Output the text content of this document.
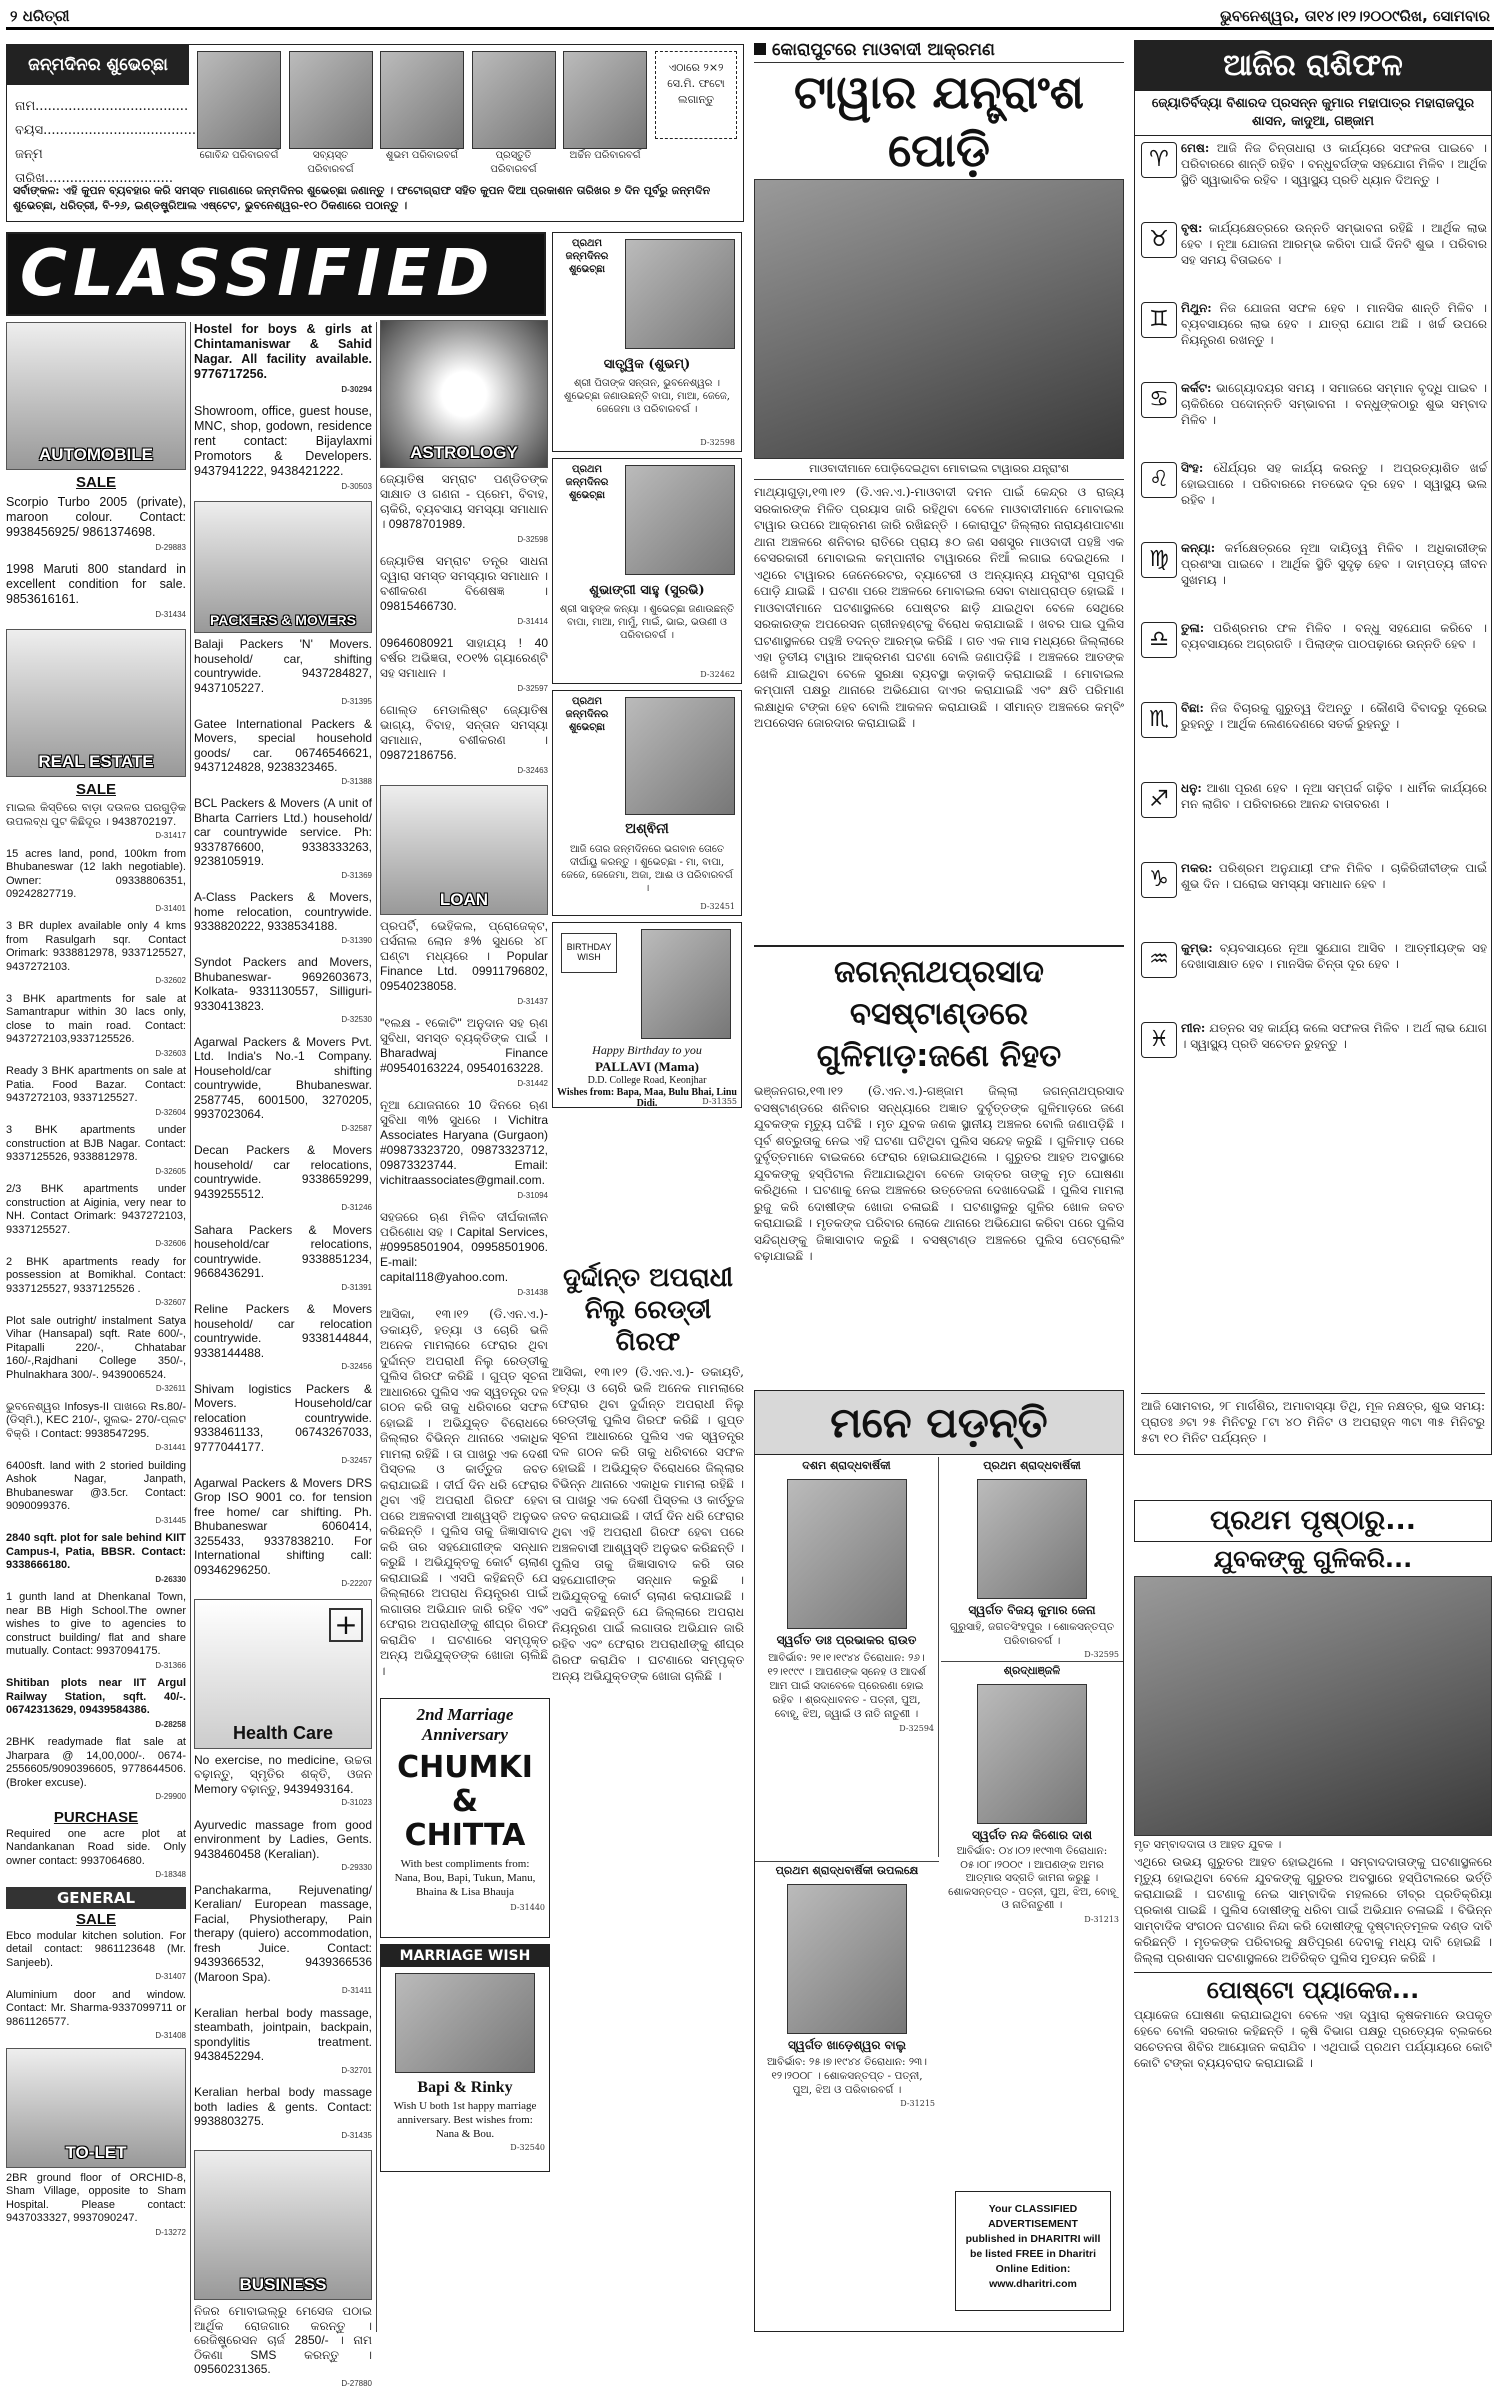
୨ ଧରିତ୍ରୀ	ଭୁବନେଶ୍ୱର, ତା୧୪।୧୨।୨୦୦୯ରିଖ, ସୋମବାର
ଜନ୍ମଦିନର ଶୁଭେଚ୍ଛା
ନାମ.....................................
ବୟସ.....................................
ଜନ୍ମ ତାରିଖ...............................
ଗୋବିନ୍ଦ ପରିବାରବର୍ଗ	ସବ୍ୟସ୍ତ ପରିବାରବର୍ଗ
ଶୁଭମ ପରିବାରବର୍ଗ	ପ୍ରସ୍ତୁତି ପରିବାରବର୍ଗ
ଅର୍ଚ୍ଚିନ ପରିବାରବର୍ଗ
ଏଠାରେ ୨×୨ ସେ.ମି. ଫଟୋ ଲଗାନ୍ତୁ
ସର୍ବାଙ୍କଳ: ଏହି କୁପନ ବ୍ୟବହାର କରି ସମସ୍ତ ମାଗଣାରେ ଜନ୍ମଦିନର ଶୁଭେଚ୍ଛା ଜଣାନ୍ତୁ । ଫଟୋଗ୍ରାଫ ସହିତ କୁପନ ଦିଆ ପ୍ରକାଶନ ତାରିଖର ୭ ଦିନ ପୂର୍ବରୁ ଜନ୍ମଦିନ ଶୁଭେଚ୍ଛା, ଧରିତ୍ରୀ, ବି-୨୬, ଇଣ୍ଡଷ୍ଟ୍ରିଆଲ ଏଷ୍ଟେଟ, ଭୁବନେଶ୍ୱର-୧୦ ଠିକଣାରେ ପଠାନ୍ତୁ ।
CLASSIFIED
AUTOMOBILE
SALE
Scorpio Turbo 2005 (private), maroon colour. Contact: 9938456925/ 9861374698.
D-29883
1998 Maruti 800 standard in excellent condition for sale. 9853616161.
D-31434
REAL ESTATE
SALE
ମାଇଲ କିସ୍ତିରେ ବାଡ଼ା ଦଉଳର ଘରଗୁଡ଼ିକ ଉପଲବ୍ଧ ପୁଟ କିଛିଦୂର । 9438702197.
D-31417
15 acres land, pond, 100km from Bhubaneswar (12 lakh negotiable). Owner: 09338806351, 09242827719.
D-31401
3 BR duplex available only 4 kms from Rasulgarh sqr. Contact Orimark: 9338812978, 9337125527, 9437272103.
D-32602
3 BHK apartments for sale at Samantrapur within 30 lacs only, close to main road. Contact: 9437272103,9337125526.
D-32603
Ready 3 BHK apartments on sale at Patia. Food Bazar. Contact: 9437272103, 9337125527.
D-32604
3 BHK apartments under construction at BJB Nagar. Contact: 9337125526, 9338812978.
D-32605
2/3 BHK apartments under construction at Aiginia, very near to NH. Contact Orimark: 9437272103, 9337125527.
D-32606
2 BHK apartments ready for possession at Bomikhal. Contact: 9337125527, 9337125526 .
D-32607
Plot sale outright/ instalment Satya Vihar (Hansapal) sqft. Rate 600/-, Pitapalli 220/-, Chhatabar 160/-,Rajdhani College 350/-, Phulnakhara 300/-. 9439006524.
D-32611
ଭୁବନେଶ୍ୱର Infosys-II ପାଖରେ Rs.80/-(ଡିସ୍‌ମି.), KEC 210/-, ସୁଲଭ- 270/-ପ୍ଲଟ ବିକ୍ରି । Contact: 9938547295.
D-31441
6400sft. land with 2 storied building Ashok Nagar, Janpath, Bhubaneswar @3.5cr. Contact: 9090099376.
D-31445
2840 sqft. plot for sale behind KIIT Campus-I, Patia, BBSR. Contact: 9338666180.
D-26330
1 gunth land at Dhenkanal Town, near BB High School.The owner wishes to give to agencies to construct building/ flat and share mutually. Contact: 9937094175.
D-31366
Shitiban plots near IIT Argul Railway Station, sqft. 40/-. 06742313629, 09439584386.
D-28258
2BHK readymade flat sale at Jharpara @ 14,00,000/-. 0674-2556605/9090396605, 9778644506. (Broker excuse).
D-29900
PURCHASE
Required one acre plot at Nandankanan Road side. Only owner contact: 9937064680.
D-18348
GENERAL
SALE
Ebco modular kitchen solution. For detail contact: 9861123648 (Mr. Sanjeeb).
D-31407
Aluminium door and window. Contact: Mr. Sharma-9337099711 or 9861126577.
D-31408
TO-LET
2BR ground floor of ORCHID-8, Sham Village, opposite to Sham Hospital. Please contact: 9437033327, 9937090247.
D-13272
Hostel for boys & girls at Chintamaniswar & Sahid Nagar. All facility available. 9776717256.
D-30294
Showroom, office, guest house, MNC, shop, godown, residence rent contact: Bijaylaxmi Promotors & Developers. 9437941222, 9438421222.
D-30503
PACKERS & MOVERS
Balaji Packers 'N' Movers. household/ car, shifting countrywide. 9437284827, 9437105227.
D-31395
Gatee International Packers & Movers, special household goods/ car. 06746546621, 9437124828, 9238323465.
D-31388
BCL Packers & Movers (A unit of Bharta Carriers Ltd.) household/ car countrywide service. Ph: 9337876600, 9338333263, 9238105919.
D-31369
A-Class Packers & Movers, home relocation, countrywide. 9338820222, 9338534188.
D-31390
Syndot Packers and Movers, Bhubaneswar- 9692603673, Kolkata- 9331130557, Silliguri-9330413823.
D-32530
Agarwal Packers & Movers Pvt. Ltd. India's No.-1 Company. Household/car shifting countrywide, Bhubaneswar. 2587745, 6001500, 3270205, 9937023064.
D-32587
Decan Packers & Movers household/ car relocations, countrywide. 9338659299, 9439255512.
D-31246
Sahara Packers & Movers household/car relocations, countrywide. 9338851234, 9668436291.
D-31391
Reline Packers & Movers household/ car relocation countrywide. 9338144844, 9338144488.
D-32456
Shivam logistics Packers & Movers. Household/car relocation countrywide. 9338461133, 06743267033, 9777044177.
D-32457
Agarwal Packers & Movers DRS Grop ISO 9001 co. for tension free home/ car shifting. Ph. Bhubaneswar 6060414, 3255433, 9337838210. For International shifting call: 09346296250.
D-22207
+
Health Care
No exercise, no medicine, ଉଚ୍ଚତା ବଢ଼ାନ୍ତୁ, ସ୍ମୃତିର ଶକ୍ତି, ଓଜନ Memory ବଢ଼ାନ୍ତୁ, 9439493164.
D-31023
Ayurvedic massage from good environment by Ladies, Gents. 9438460458 (Keralian).
D-29330
Panchakarma, Rejuvenating/ Keralian/ European massage, Facial, Physiotherapy, Pain therapy (quiero) accommodation, fresh Juice. Contact: 9439366532, 9439366536 (Maroon Spa).
D-31411
Keralian herbal body massage, steambath, jointpain, backpain, spondylitis treatment. 9438452294.
D-32701
Keralian herbal body massage both ladies & gents. Contact: 9938803275.
D-31435
BUSINESS
ନିଜର ମୋବାଇଲ୍‌ରୁ ମେସେଜ ପଠାଇ ଆର୍ଥିକ ରୋଜଗାର କରନ୍ତୁ । ରେଜିଷ୍ଟ୍ରେସନ ଚାର୍ଜ 2850/- । ନାମ ଠିକଣା SMS କରନ୍ତୁ । 09560231365.
D-27880
ASTROLOGY
ଜ୍ୟୋତିଷ ସମ୍ରାଟ ପଣ୍ଡିତଙ୍କ ସାକ୍ଷାତ ଓ ଗଣନା - ପ୍ରେମ, ବିବାହ, ଚାକିରି, ବ୍ୟବସାୟ ସମସ୍ୟା ସମାଧାନ । 09878701989.
D-32598
ଜ୍ୟୋତିଷ ସମ୍ରାଟ ତନ୍ତ୍ର ସାଧନା ଦ୍ୱାରା ସମସ୍ତ ସମସ୍ୟାର ସମାଧାନ । ବଶୀକରଣ ବିଶେଷଜ୍ଞ । 09815466730.
D-31414
09646080921 ସାହାଯ୍ୟ ! 40 ବର୍ଷର ଅଭିଜ୍ଞତା, ୧୦୧% ଗ୍ୟାରେଣ୍ଟି ସହ ସମାଧାନ ।
D-32597
ଗୋଲ୍ଡ ମେଡାଲିଷ୍ଟ ଜ୍ୟୋତିଷ ଭାଗ୍ୟ, ବିବାହ, ସନ୍ତାନ ସମସ୍ୟା ସମାଧାନ, ବଶୀକରଣ । 09872186756.
D-32463
LOAN
ପ୍ରପର୍ଟି, ଭେହିକଲ, ପ୍ରୋଜେକ୍ଟ, ପର୍ସନାଲ ଲୋନ ୫% ସୁଧରେ ୪୮ ଘଣ୍ଟା ମଧ୍ୟରେ । Popular Finance Ltd. 09911796802, 09540238058.
D-31437
"୧ଲକ୍ଷ - ୧କୋଟି" ଅନୁଦାନ ସହ ଋଣ ସୁବିଧା, ସମସ୍ତ ବ୍ୟକ୍ତିଙ୍କ ପାଇଁ । Bharadwaj Finance #09540163224, 09540163228.
D-31442
ନୂଆ ଯୋଜନାରେ 10 ଦିନରେ ଋଣ ସୁବିଧା ୩% ସୁଧରେ । Vichitra Associates Haryana (Gurgaon) #09873323720, 09873323712, 09873323744. Email: vichitraassociates@gmail.com.
D-31094
ସହଜରେ ଋଣ ମିଳିବ ଦୀର୍ଘକାଳୀନ ପରିଶୋଧ ସହ । Capital Services, #09958501904, 09958501906. E-mail: capital118@yahoo.com.
D-31438
ଆସିକା, ୧୩।୧୨ (ଡି.ଏନ.ଏ.)- ଡକାୟତି, ହତ୍ୟା ଓ ଚୋରି ଭଳି ଅନେକ ମାମଲାରେ ଫେରାର ଥିବା ଦୁର୍ଦ୍ଦାନ୍ତ ଅପରାଧୀ ନିଲୁ ରେଡ୍ଡୀକୁ ପୁଲିସ ଗିରଫ କରିଛି । ଗୁପ୍ତ ସୂଚନା ଆଧାରରେ ପୁଲିସ ଏକ ସ୍ୱତନ୍ତ୍ର ଦଳ ଗଠନ କରି ତାକୁ ଧରିବାରେ ସଫଳ ହୋଇଛି । ଅଭିଯୁକ୍ତ ବିରୋଧରେ ଜିଲ୍ଲାର ବିଭିନ୍ନ ଥାନାରେ ଏକାଧିକ ମାମଲା ରହିଛି । ତା ପାଖରୁ ଏକ ଦେଶୀ ପିସ୍ତଲ ଓ କାର୍ତ୍ତୁଜ ଜବତ କରାଯାଇଛି । ଦୀର୍ଘ ଦିନ ଧରି ଫେରାର ଥିବା ଏହି ଅପରାଧୀ ଗିରଫ ହେବା ପରେ ଅଞ୍ଚଳବାସୀ ଆଶ୍ୱସ୍ତି ଅନୁଭବ କରିଛନ୍ତି । ପୁଲିସ ତାକୁ ଜିଜ୍ଞାସାବାଦ କରି ତାର ସହଯୋଗୀଙ୍କ ସନ୍ଧାନ କରୁଛି । ଅଭିଯୁକ୍ତକୁ କୋର୍ଟ ଚାଲାଣ କରାଯାଇଛି । ଏସପି କହିଛନ୍ତି ଯେ ଜିଲ୍ଲାରେ ଅପରାଧ ନିୟନ୍ତ୍ରଣ ପାଇଁ ଲଗାତାର ଅଭିଯାନ ଜାରି ରହିବ ଏବଂ ଫେରାର ଅପରାଧୀଙ୍କୁ ଶୀଘ୍ର ଗିରଫ କରାଯିବ । ଘଟଣାରେ ସମ୍ପୃକ୍ତ ଅନ୍ୟ ଅଭିଯୁକ୍ତଙ୍କ ଖୋଜା ଚାଲିଛି ।
ପ୍ରଥମ ଜନ୍ମଦିନର ଶୁଭେଚ୍ଛା
ସାତ୍ତ୍ୱିକ (ଶୁଭମ୍)
ଶ୍ରୀ ପିତାଙ୍କ ସନ୍ତାନ, ଭୁବନେଶ୍ୱର । ଶୁଭେଚ୍ଛା ଜଣାଉଛନ୍ତି ବାପା, ମାଆ, ଜେଜେ, ଜେଜେମା ଓ ପରିବାରବର୍ଗ ।
D-32598
ପ୍ରଥମ ଜନ୍ମଦିନର ଶୁଭେଚ୍ଛା
ଶୁଭାଙ୍ଗୀ ସାହୁ (ସୁରଭି)
ଶ୍ରୀ ସାହୁଙ୍କ କନ୍ୟା । ଶୁଭେଚ୍ଛା ଜଣାଉଛନ୍ତି ବାପା, ମାଆ, ମାମୁଁ, ମାଇଁ, ଭାଇ, ଭଉଣୀ ଓ ପରିବାରବର୍ଗ ।
D-32462
ପ୍ରଥମ ଜନ୍ମଦିନର ଶୁଭେଚ୍ଛା
ଅଶ୍ଵିନୀ
ଆଜି ତୋର ଜନ୍ମଦିନରେ ଭଗବାନ ତୋତେ ଦୀର୍ଘାୟୁ କରନ୍ତୁ । ଶୁଭେଚ୍ଛା - ମା, ବାପା, ଜେଜେ, ଜେଜେମା, ଅଜା, ଆଈ ଓ ପରିବାରବର୍ଗ ।
D-32451
BIRTHDAY WISH
Happy Birthday to you
PALLAVI (Mama)
D.D. College Road, Keonjhar
Wishes from: Bapa, Maa, Bulu Bhai, Linu Didi.	D-31355
2nd Marriage Anniversary
CHUMKI
&
CHITTA
With best compliments from: Nana, Bou, Bapi, Tukun, Manu, Bhaina & Lisa Bhauja
D-31440
MARRIAGE WISH
Bapi & Rinky
Wish U both 1st happy marriage anniversary. Best wishes from: Nana & Bou.
D-32540
ଦୁର୍ଦ୍ଦାନ୍ତ ଅପରାଧୀ
ନିଲୁ ରେଡ୍ଡୀ ଗିରଫ
ଆସିକା, ୧୩।୧୨ (ଡି.ଏନ.ଏ.)- ଡକାୟତି, ହତ୍ୟା ଓ ଚୋରି ଭଳି ଅନେକ ମାମଲାରେ ଫେରାର ଥିବା ଦୁର୍ଦ୍ଦାନ୍ତ ଅପରାଧୀ ନିଲୁ ରେଡ୍ଡୀକୁ ପୁଲିସ ଗିରଫ କରିଛି । ଗୁପ୍ତ ସୂଚନା ଆଧାରରେ ପୁଲିସ ଏକ ସ୍ୱତନ୍ତ୍ର ଦଳ ଗଠନ କରି ତାକୁ ଧରିବାରେ ସଫଳ ହୋଇଛି । ଅଭିଯୁକ୍ତ ବିରୋଧରେ ଜିଲ୍ଲାର ବିଭିନ୍ନ ଥାନାରେ ଏକାଧିକ ମାମଲା ରହିଛି । ତା ପାଖରୁ ଏକ ଦେଶୀ ପିସ୍ତଲ ଓ କାର୍ତ୍ତୁଜ ଜବତ କରାଯାଇଛି । ଦୀର୍ଘ ଦିନ ଧରି ଫେରାର ଥିବା ଏହି ଅପରାଧୀ ଗିରଫ ହେବା ପରେ ଅଞ୍ଚଳବାସୀ ଆଶ୍ୱସ୍ତି ଅନୁଭବ କରିଛନ୍ତି । ପୁଲିସ ତାକୁ ଜିଜ୍ଞାସାବାଦ କରି ତାର ସହଯୋଗୀଙ୍କ ସନ୍ଧାନ କରୁଛି । ଅଭିଯୁକ୍ତକୁ କୋର୍ଟ ଚାଲାଣ କରାଯାଇଛି । ଏସପି କହିଛନ୍ତି ଯେ ଜିଲ୍ଲାରେ ଅପରାଧ ନିୟନ୍ତ୍ରଣ ପାଇଁ ଲଗାତାର ଅଭିଯାନ ଜାରି ରହିବ ଏବଂ ଫେରାର ଅପରାଧୀଙ୍କୁ ଶୀଘ୍ର ଗିରଫ କରାଯିବ । ଘଟଣାରେ ସମ୍ପୃକ୍ତ ଅନ୍ୟ ଅଭିଯୁକ୍ତଙ୍କ ଖୋଜା ଚାଲିଛି ।
କୋରାପୁଟରେ ମାଓବାଦୀ ଆକ୍ରମଣ
ଟାୱାର ଯନ୍ତ୍ରାଂଶ ପୋଡ଼ି
ମାଓବାଦୀମାନେ ପୋଡ଼ିଦେଇଥିବା ମୋବାଇଲ ଟାୱାରର ଯନ୍ତ୍ରାଂଶ
ମାଥ୍ୟାଗୁଡ଼ା,୧୩।୧୨ (ଡି.ଏନ.ଏ.)-ମାଓବାଦୀ ଦମନ ପାଇଁ କେନ୍ଦ୍ର ଓ ରାଜ୍ୟ ସରକାରଙ୍କ ମିଳିତ ପ୍ରୟାସ ଜାରି ରହିଥିବା ବେଳେ ମାଓବାଦୀମାନେ ମୋବାଇଲ ଟାୱାର ଉପରେ ଆକ୍ରମଣ ଜାରି ରଖିଛନ୍ତି । କୋରାପୁଟ ଜିଲ୍ଲାର ନାରାୟଣପାଟଣା ଥାନା ଅଞ୍ଚଳରେ ଶନିବାର ରାତିରେ ପ୍ରାୟ ୫୦ ଜଣ ସଶସ୍ତ୍ର ମାଓବାଦୀ ପହଞ୍ଚି ଏକ ବେସରକାରୀ ମୋବାଇଲ କମ୍ପାନୀର ଟାୱାରରେ ନିଆଁ ଲଗାଇ ଦେଇଥିଲେ । ଏଥିରେ ଟାୱାରର ଜେନେରେଟର, ବ୍ୟାଟେରୀ ଓ ଅନ୍ୟାନ୍ୟ ଯନ୍ତ୍ରାଂଶ ପୂରାପୂରି ପୋଡ଼ି ଯାଇଛି । ଘଟଣା ପରେ ଅଞ୍ଚଳରେ ମୋବାଇଲ ସେବା ବାଧାପ୍ରାପ୍ତ ହୋଇଛି । ମାଓବାଦୀମାନେ ଘଟଣାସ୍ଥଳରେ ପୋଷ୍ଟର ଛାଡ଼ି ଯାଇଥିବା ବେଳେ ସେଥିରେ ସରକାରଙ୍କ ଅପରେସନ ଗ୍ରୀନହଣ୍ଟକୁ ବିରୋଧ କରାଯାଇଛି । ଖବର ପାଇ ପୁଲିସ ଘଟଣାସ୍ଥଳରେ ପହଞ୍ଚି ତଦନ୍ତ ଆରମ୍ଭ କରିଛି । ଗତ ଏକ ମାସ ମଧ୍ୟରେ ଜିଲ୍ଲାରେ ଏହା ତୃତୀୟ ଟାୱାର ଆକ୍ରମଣ ଘଟଣା ବୋଲି ଜଣାପଡ଼ିଛି । ଅଞ୍ଚଳରେ ଆତଙ୍କ ଖେଳି ଯାଇଥିବା ବେଳେ ସୁରକ୍ଷା ବ୍ୟବସ୍ଥା କଡ଼ାକଡ଼ି କରାଯାଇଛି । ମୋବାଇଲ କମ୍ପାନୀ ପକ୍ଷରୁ ଥାନାରେ ଅଭିଯୋଗ ଦାଏର କରାଯାଇଛି ଏବଂ କ୍ଷତି ପରିମାଣ ଲକ୍ଷାଧିକ ଟଙ୍କା ହେବ ବୋଲି ଆକଳନ କରାଯାଉଛି । ସୀମାନ୍ତ ଅଞ୍ଚଳରେ କମ୍ବିଂ ଅପରେସନ ଜୋରଦାର କରାଯାଇଛି ।
ଜଗନ୍ନାଥପ୍ରସାଦ ବସଷ୍ଟାଣ୍ଡରେ
ଗୁଳିମାଡ଼:ଜଣେ ନିହତ
ଭଞ୍ଜନଗର,୧୩।୧୨ (ଡି.ଏନ.ଏ.)-ଗଞ୍ଜାମ ଜିଲ୍ଲା ଜଗନ୍ନାଥପ୍ରସାଦ ବସଷ୍ଟାଣ୍ଡରେ ଶନିବାର ସନ୍ଧ୍ୟାରେ ଅଜ୍ଞାତ ଦୁର୍ବୃତ୍ତଙ୍କ ଗୁଳିମାଡ଼ରେ ଜଣେ ଯୁବକଙ୍କ ମୃତ୍ୟୁ ଘଟିଛି । ମୃତ ଯୁବକ ଜଣକ ସ୍ଥାନୀୟ ଅଞ୍ଚଳର ବୋଲି ଜଣାପଡ଼ିଛି । ପୂର୍ବ ଶତ୍ରୁତାକୁ ନେଇ ଏହି ଘଟଣା ଘଟିଥିବା ପୁଲିସ ସନ୍ଦେହ କରୁଛି । ଗୁଳିମାଡ଼ ପରେ ଦୁର୍ବୃତ୍ତମାନେ ବାଇକରେ ଫେରାର ହୋଇଯାଇଥିଲେ । ଗୁରୁତର ଆହତ ଅବସ୍ଥାରେ ଯୁବକଙ୍କୁ ହସ୍ପିଟାଲ ନିଆଯାଇଥିବା ବେଳେ ଡାକ୍ତର ତାଙ୍କୁ ମୃତ ଘୋଷଣା କରିଥିଲେ । ଘଟଣାକୁ ନେଇ ଅଞ୍ଚଳରେ ଉତ୍ତେଜନା ଦେଖାଦେଇଛି । ପୁଲିସ ମାମଲା ରୁଜୁ କରି ଦୋଷୀଙ୍କ ଖୋଜା ଚଳାଇଛି । ଘଟଣାସ୍ଥଳରୁ ଗୁଳିର ଖୋଳ ଜବତ କରାଯାଇଛି । ମୃତକଙ୍କ ପରିବାର ଲୋକେ ଥାନାରେ ଅଭିଯୋଗ କରିବା ପରେ ପୁଲିସ ସନ୍ଦିଗ୍ଧଙ୍କୁ ଜିଜ୍ଞାସାବାଦ କରୁଛି । ବସଷ୍ଟାଣ୍ଡ ଅଞ୍ଚଳରେ ପୁଲିସ ପେଟ୍ରୋଲିଂ ବଢ଼ାଯାଇଛି ।
ମନେ ପଡ଼ନ୍ତି
ଦଶମ ଶ୍ରାଦ୍ଧବାର୍ଷିକୀ
ସ୍ୱର୍ଗତ ଡାଃ ପ୍ରଭାକର ରାଉତ
ଆବିର୍ଭାବ: ୨୧।୧।୧୯୪୪ ତିରୋଧାନ: ୨୬।୧୨।୧୯୯୯ । ଆପଣଙ୍କ ସ୍ନେହ ଓ ଆଦର୍ଶ ଆମ ପାଇଁ ସଦାବେଳେ ପ୍ରେରଣା ହୋଇ ରହିବ । ଶ୍ରଦ୍ଧାବନତ - ପତ୍ନୀ, ପୁଅ, ବୋହୂ, ଝିଅ, ଜ୍ୱାଇଁ ଓ ନାତି ନାତୁଣୀ ।
D-32594
ପ୍ରଥମ ଶ୍ରାଦ୍ଧବାର୍ଷିକୀ
ସ୍ୱର୍ଗତ ବିଜୟ କୁମାର ଜେନା
ଗୁରୁସାହି, ଜଗତସିଂହପୁର । ଶୋକସନ୍ତପ୍ତ ପରିବାରବର୍ଗ ।
D-32595
ଶ୍ରଦ୍ଧାଞ୍ଜଳି
ସ୍ୱର୍ଗତ ନନ୍ଦ କିଶୋର ଦାଶ
ଆବିର୍ଭାବ: ୦୪।୦୨।୧୯୩୩ ତିରୋଧାନ: ୦୫।୦୮।୨୦୦୯ । ଆପଣଙ୍କ ଅମର ଆତ୍ମାର ସଦ୍‌ଗତି କାମନା କରୁଛୁ । ଶୋକସନ୍ତପ୍ତ - ପତ୍ନୀ, ପୁଅ, ଝିଅ, ବୋହୂ ଓ ନାତିନାତୁଣୀ ।
D-31213
ପ୍ରଥମ ଶ୍ରାଦ୍ଧବାର୍ଷିକୀ ଉପଲକ୍ଷେ
ସ୍ୱର୍ଗତ ଖାଡ଼େଶ୍ୱର ବାଲୁ
ଆବିର୍ଭାବ: ୨୫।୭।୧୯୪୪ ତିରୋଧାନ: ୨୩।୧୨।୨୦୦୮ । ଶୋକସନ୍ତପ୍ତ - ପତ୍ନୀ, ପୁଅ, ଝିଅ ଓ ପରିବାରବର୍ଗ ।
D-31215
Your CLASSIFIED ADVERTISEMENT published in DHARITRI will be listed FREE in Dharitri Online Edition: www.dharitri.com
ଆଜିର ରାଶିଫଳ
ଜ୍ୟୋତିର୍ବିଦ୍ୟା ବିଶାରଦ ପ୍ରସନ୍ନ କୁମାର ମହାପାତ୍ର ମହାରାଜପୁର ଶାସନ, କାଦୁଆ, ଗଞ୍ଜାମ
♈	ମେଷ: ଆଜି ନିଜ ଚିନ୍ତାଧାରା ଓ କାର୍ଯ୍ୟରେ ସଫଳତା ପାଇବେ । ପରିବାରରେ ଶାନ୍ତି ରହିବ । ବନ୍ଧୁବର୍ଗଙ୍କ ସହଯୋଗ ମିଳିବ । ଆର୍ଥିକ ସ୍ଥିତି ସ୍ୱାଭାବିକ ରହିବ । ସ୍ୱାସ୍ଥ୍ୟ ପ୍ରତି ଧ୍ୟାନ ଦିଅନ୍ତୁ ।
♉	ବୃଷ: କାର୍ଯ୍ୟକ୍ଷେତ୍ରରେ ଉନ୍ନତି ସମ୍ଭାବନା ରହିଛି । ଆର୍ଥିକ ଲାଭ ହେବ । ନୂଆ ଯୋଜନା ଆରମ୍ଭ କରିବା ପାଇଁ ଦିନଟି ଶୁଭ । ପରିବାର ସହ ସମୟ ବିତାଇବେ ।
♊	ମିଥୁନ: ନିଜ ଯୋଜନା ସଫଳ ହେବ । ମାନସିକ ଶାନ୍ତି ମିଳିବ । ବ୍ୟବସାୟରେ ଲାଭ ହେବ । ଯାତ୍ରା ଯୋଗ ଅଛି । ଖର୍ଚ୍ଚ ଉପରେ ନିୟନ୍ତ୍ରଣ ରଖନ୍ତୁ ।
♋	କର୍କଟ: ଭାଗ୍ୟୋଦୟର ସମୟ । ସମାଜରେ ସମ୍ମାନ ବୃଦ୍ଧି ପାଇବ । ଚାକିରିରେ ପଦୋନ୍ନତି ସମ୍ଭାବନା । ବନ୍ଧୁଙ୍କଠାରୁ ଶୁଭ ସମ୍ବାଦ ମିଳିବ ।
♌	ସିଂହ: ଧୈର୍ଯ୍ୟର ସହ କାର୍ଯ୍ୟ କରନ୍ତୁ । ଅପ୍ରତ୍ୟାଶିତ ଖର୍ଚ୍ଚ ହୋଇପାରେ । ପରିବାରରେ ମତଭେଦ ଦୂର ହେବ । ସ୍ୱାସ୍ଥ୍ୟ ଭଲ ରହିବ ।
♍	କନ୍ୟା: କର୍ମକ୍ଷେତ୍ରରେ ନୂଆ ଦାୟିତ୍ୱ ମିଳିବ । ଅଧିକାରୀଙ୍କ ପ୍ରଶଂସା ପାଇବେ । ଆର୍ଥିକ ସ୍ଥିତି ସୁଦୃଢ଼ ହେବ । ଦାମ୍ପତ୍ୟ ଜୀବନ ସୁଖମୟ ।
♎	ତୁଳା: ପରିଶ୍ରମର ଫଳ ମିଳିବ । ବନ୍ଧୁ ସହଯୋଗ କରିବେ । ବ୍ୟବସାୟରେ ଅଗ୍ରଗତି । ପିଲାଙ୍କ ପାଠପଢ଼ାରେ ଉନ୍ନତି ହେବ ।
♏	ବିଛା: ନିଜ ବିଚାରକୁ ଗୁରୁତ୍ୱ ଦିଅନ୍ତୁ । କୌଣସି ବିବାଦରୁ ଦୂରେଇ ରୁହନ୍ତୁ । ଆର୍ଥିକ ଲେଣଦେଣରେ ସତର୍କ ରୁହନ୍ତୁ ।
♐	ଧନୁ: ଆଶା ପୂରଣ ହେବ । ନୂଆ ସମ୍ପର୍କ ଗଢ଼ିବ । ଧାର୍ମିକ କାର୍ଯ୍ୟରେ ମନ ଲାଗିବ । ପରିବାରରେ ଆନନ୍ଦ ବାତାବରଣ ।
♑	ମକର: ପରିଶ୍ରମ ଅନୁଯାୟୀ ଫଳ ମିଳିବ । ଚାକିରିଜୀବୀଙ୍କ ପାଇଁ ଶୁଭ ଦିନ । ଘରୋଇ ସମସ୍ୟା ସମାଧାନ ହେବ ।
♒	କୁମ୍ଭ: ବ୍ୟବସାୟରେ ନୂଆ ସୁଯୋଗ ଆସିବ । ଆତ୍ମୀୟଙ୍କ ସହ ଦେଖାସାକ୍ଷାତ ହେବ । ମାନସିକ ଚିନ୍ତା ଦୂର ହେବ ।
♓	ମୀନ: ଯତ୍ନର ସହ କାର୍ଯ୍ୟ କଲେ ସଫଳତା ମିଳିବ । ଅର୍ଥ ଲାଭ ଯୋଗ । ସ୍ୱାସ୍ଥ୍ୟ ପ୍ରତି ସଚେତନ ରୁହନ୍ତୁ ।
ଆଜି ସୋମବାର, ୨୮ ମାର୍ଗଶିର, ଅମାବାସ୍ୟା ତିଥି, ମୂଳ ନକ୍ଷତ୍ର, ଶୁଭ ସମୟ: ପ୍ରାତଃ ୬ଟା ୨୫ ମିନିଟରୁ ୮ଟା ୪୦ ମିନିଟ ଓ ଅପରାହ୍ନ ୩ଟା ୩୫ ମିନିଟରୁ ୫ଟା ୧୦ ମିନିଟ ପର୍ଯ୍ୟନ୍ତ ।
ପ୍ରଥମ ପୃଷ୍ଠାରୁ...
ଯୁବକଙ୍କୁ ଗୁଳିକରି...
ମୃତ ସମ୍ବାଦଦାତା ଓ ଆହତ ଯୁବକ ।
ଏଥିରେ ଉଭୟ ଗୁରୁତର ଆହତ ହୋଇଥିଲେ । ସମ୍ବାଦଦାତାଙ୍କୁ ଘଟଣାସ୍ଥଳରେ ମୃତ୍ୟୁ ହୋଇଥିବା ବେଳେ ଯୁବକଙ୍କୁ ଗୁରୁତର ଅବସ୍ଥାରେ ହସ୍ପିଟାଲରେ ଭର୍ତ୍ତି କରାଯାଇଛି । ଘଟଣାକୁ ନେଇ ସାମ୍ବାଦିକ ମହଲରେ ତୀବ୍ର ପ୍ରତିକ୍ରିୟା ପ୍ରକାଶ ପାଇଛି । ପୁଲିସ ଦୋଷୀଙ୍କୁ ଧରିବା ପାଇଁ ଅଭିଯାନ ଚଳାଇଛି । ବିଭିନ୍ନ ସାମ୍ବାଦିକ ସଂଗଠନ ଘଟଣାର ନିନ୍ଦା କରି ଦୋଷୀଙ୍କୁ ଦୃଷ୍ଟାନ୍ତମୂଳକ ଦଣ୍ଡ ଦାବି କରିଛନ୍ତି । ମୃତକଙ୍କ ପରିବାରକୁ କ୍ଷତିପୂରଣ ଦେବାକୁ ମଧ୍ୟ ଦାବି ହୋଇଛି । ଜିଲ୍ଲା ପ୍ରଶାସନ ଘଟଣାସ୍ଥଳରେ ଅତିରିକ୍ତ ପୁଲିସ ମୁତୟନ କରିଛି ।
ପୋଷ୍ଟୋ ପ୍ୟାକେଜ...
ପ୍ୟାକେଜ ଘୋଷଣା କରାଯାଇଥିବା ବେଳେ ଏହା ଦ୍ୱାରା କୃଷକମାନେ ଉପକୃତ ହେବେ ବୋଲି ସରକାର କହିଛନ୍ତି । କୃଷି ବିଭାଗ ପକ୍ଷରୁ ପ୍ରତ୍ୟେକ ବ୍ଲକରେ ସଚେତନତା ଶିବିର ଆୟୋଜନ କରାଯିବ । ଏଥିପାଇଁ ପ୍ରଥମ ପର୍ଯ୍ୟାୟରେ କୋଟି କୋଟି ଟଙ୍କା ବ୍ୟୟବରାଦ କରାଯାଇଛି ।
